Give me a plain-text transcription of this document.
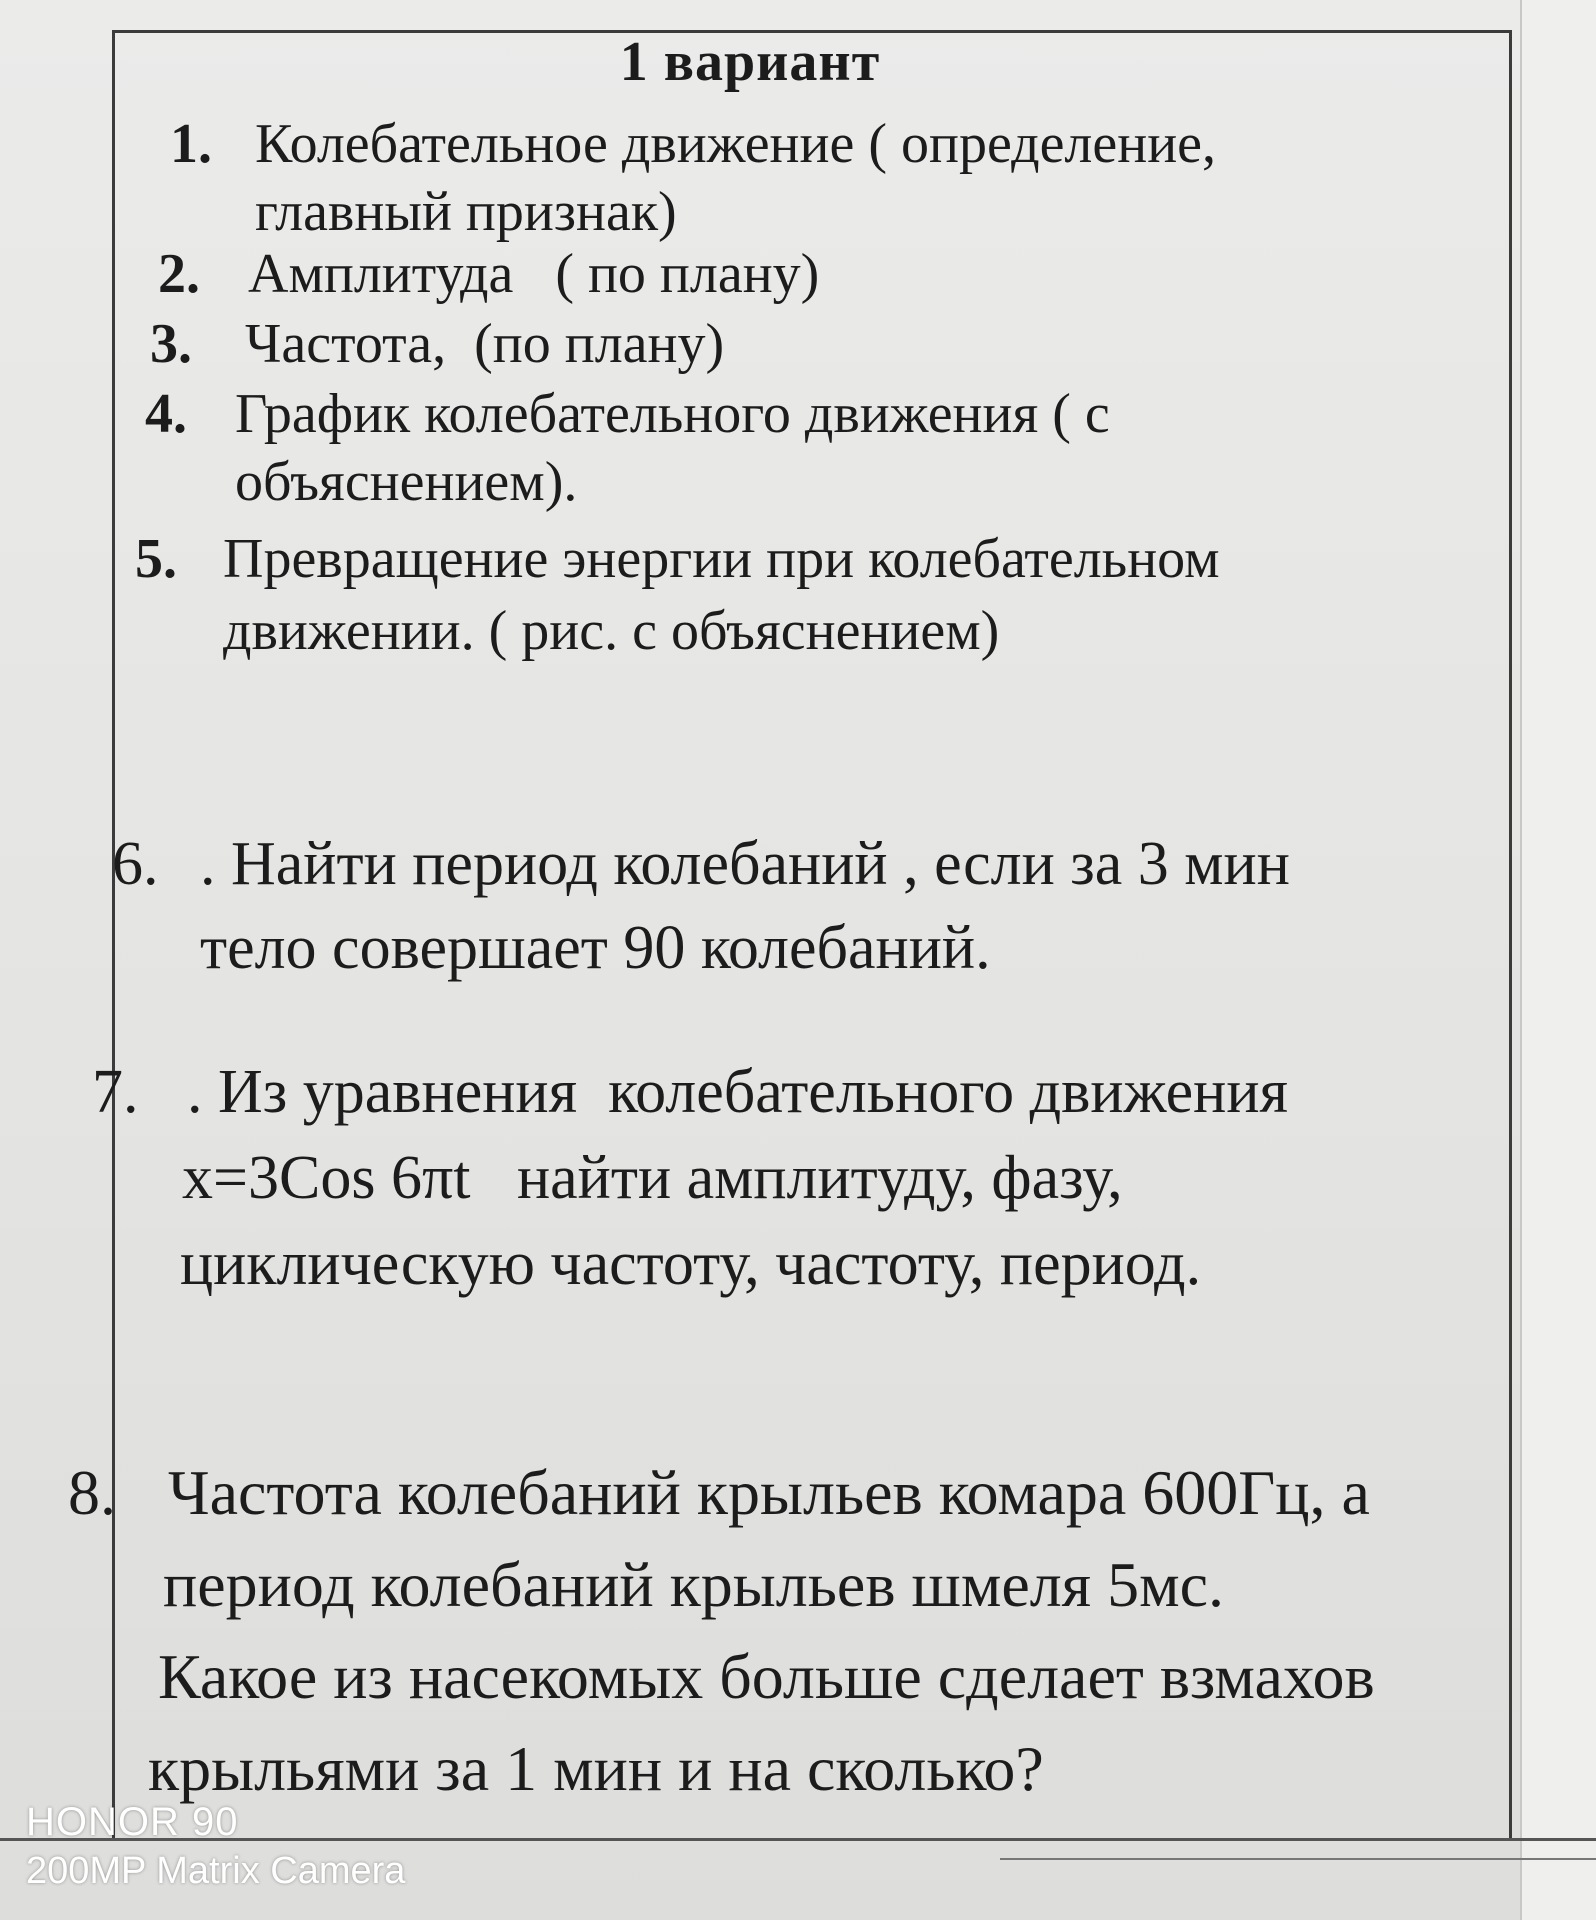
1 вариант
1. Колебательное движение ( определение,
главный признак)
2. Амплитуда   ( по плану)
3. Частота,  (по плану)
4. График колебательного движения ( с
объяснением).
5. Превращение энергии при колебательном
движении. ( рис. с объяснением)
6. . Найти период колебаний , если за 3 мин
тело совершает 90 колебаний.
7. . Из уравнения  колебательного движения
x=3Cos 6πt   найти амплитуду, фазу,
циклическую частоту, частоту, период.
8. Частота колебаний крыльев комара 600Гц, а
период колебаний крыльев шмеля 5мс.
Какое из насекомых больше сделает взмахов
крыльями за 1 мин и на сколько?
HONOR 90
200MP Matrix Camera
